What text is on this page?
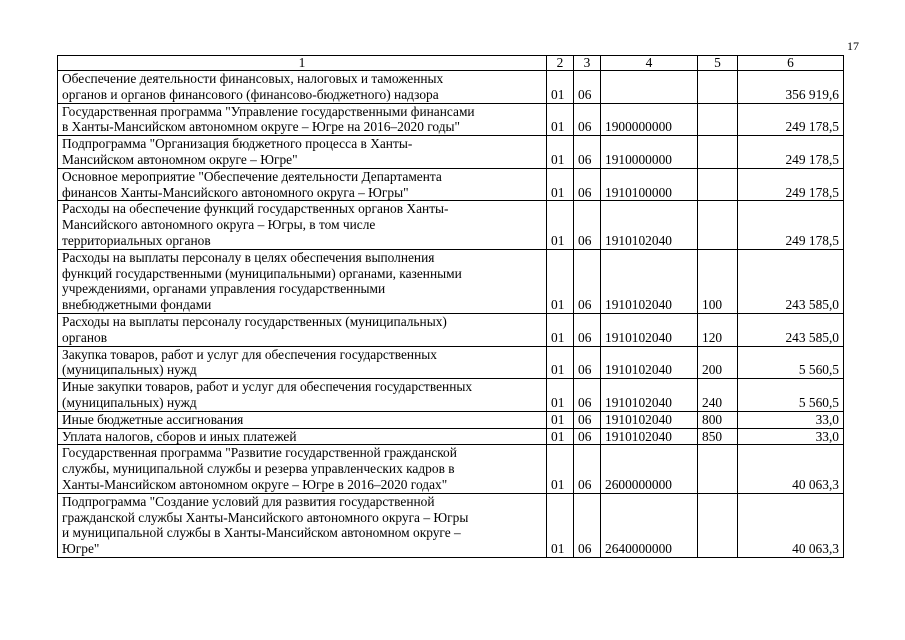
17
1	2	3	4	5	6
Обеспечение деятельности финансовых, налоговых и таможенных
органов и органов финансового (финансово-бюджетного) надзора	01	06			356 919,6
Государственная программа "Управление государственными финансами
в Ханты-Мансийском автономном округе – Югре на 2016–2020 годы"	01	06	1900000000		249 178,5
Подпрограмма "Организация бюджетного процесса в Ханты-
Мансийском автономном округе – Югре"	01	06	1910000000		249 178,5
Основное мероприятие "Обеспечение деятельности Департамента
финансов Ханты-Мансийского автономного округа – Югры"	01	06	1910100000		249 178,5
Расходы на обеспечение функций государственных органов Ханты-
Мансийского автономного округа – Югры, в том числе
территориальных органов	01	06	1910102040		249 178,5
Расходы на выплаты персоналу в целях обеспечения выполнения
функций государственными (муниципальными) органами, казенными
учреждениями, органами управления государственными
внебюджетными фондами	01	06	1910102040	100	243 585,0
Расходы на выплаты персоналу государственных (муниципальных)
органов	01	06	1910102040	120	243 585,0
Закупка товаров, работ и услуг для обеспечения государственных
(муниципальных) нужд	01	06	1910102040	200	5 560,5
Иные закупки товаров, работ и услуг для обеспечения государственных
(муниципальных) нужд	01	06	1910102040	240	5 560,5
Иные бюджетные ассигнования	01	06	1910102040	800	33,0
Уплата налогов, сборов и иных платежей	01	06	1910102040	850	33,0
Государственная программа "Развитие государственной гражданской
службы, муниципальной службы и резерва управленческих кадров в
Ханты-Мансийском автономном округе – Югре в 2016–2020 годах"	01	06	2600000000		40 063,3
Подпрограмма "Создание условий для развития государственной
гражданской службы Ханты-Мансийского автономного округа – Югры
и муниципальной службы в Ханты-Мансийском автономном округе –
Югре"	01	06	2640000000		40 063,3
